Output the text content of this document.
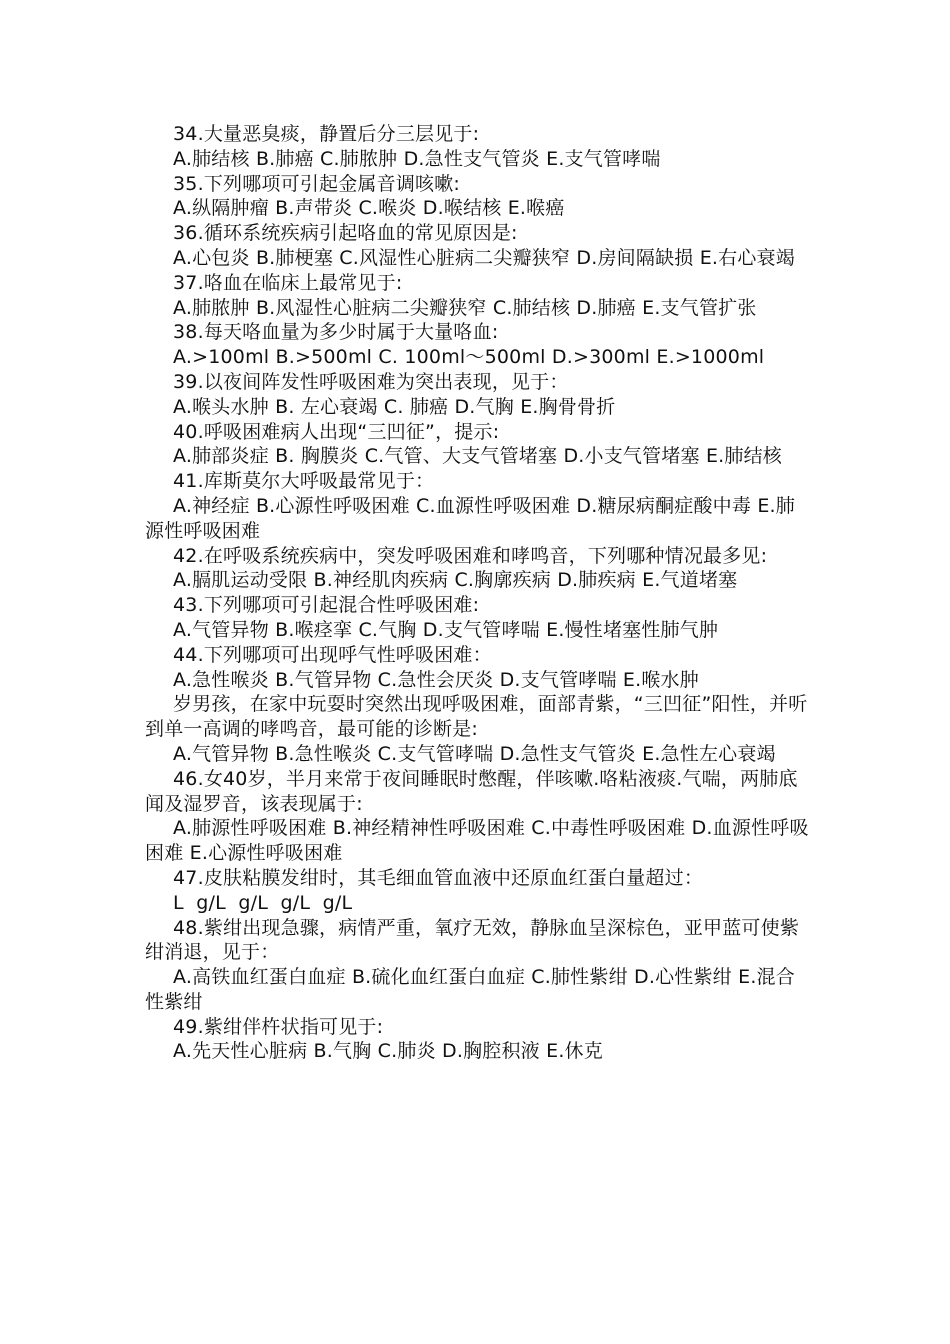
34.大量恶臭痰，静置后分三层见于:
A.肺结核 B.肺癌 C.肺脓肿 D.急性支气管炎 E.支气管哮喘
35.下列哪项可引起金属音调咳嗽:
A.纵隔肿瘤 B.声带炎 C.喉炎 D.喉结核 E.喉癌
36.循环系统疾病引起咯血的常见原因是:
A.心包炎 B.肺梗塞 C.风湿性心脏病二尖瓣狭窄 D.房间隔缺损 E.右心衰竭
37.咯血在临床上最常见于:
A.肺脓肿 B.风湿性心脏病二尖瓣狭窄 C.肺结核 D.肺癌 E.支气管扩张
38.每天咯血量为多少时属于大量咯血:
A.>100ml B.>500ml C. 100ml～500ml D.>300ml E.>1000ml
39.以夜间阵发性呼吸困难为突出表现，见于：
A.喉头水肿 B. 左心衰竭 C. 肺癌 D.气胸 E.胸骨骨折
40.呼吸困难病人出现“三凹征”，提示:
A.肺部炎症 B. 胸膜炎 C.气管、大支气管堵塞 D.小支气管堵塞 E.肺结核
41.库斯莫尔大呼吸最常见于：
A.神经症 B.心源性呼吸困难 C.血源性呼吸困难 D.糖尿病酮症酸中毒 E.肺源性呼吸困难
42.在呼吸系统疾病中，突发呼吸困难和哮鸣音，下列哪种情况最多见:
A.膈肌运动受限 B.神经肌肉疾病 C.胸廓疾病 D.肺疾病 E.气道堵塞
43.下列哪项可引起混合性呼吸困难:
A.气管异物 B.喉痉挛 C.气胸 D.支气管哮喘 E.慢性堵塞性肺气肿
44.下列哪项可出现呼气性呼吸困难：
A.急性喉炎 B.气管异物 C.急性会厌炎 D.支气管哮喘 E.喉水肿
岁男孩，在家中玩耍时突然出现呼吸困难，面部青紫，“三凹征”阳性，并听到单一高调的哮鸣音，最可能的诊断是:
A.气管异物 B.急性喉炎 C.支气管哮喘 D.急性支气管炎 E.急性左心衰竭
46.女40岁，半月来常于夜间睡眠时憋醒，伴咳嗽.咯粘液痰.气喘，两肺底闻及湿罗音，该表现属于:
A.肺源性呼吸困难 B.神经精神性呼吸困难 C.中毒性呼吸困难 D.血源性呼吸困难 E.心源性呼吸困难
47.皮肤粘膜发绀时，其毛细血管血液中还原血红蛋白量超过：
L  g/L  g/L  g/L  g/L
48.紫绀出现急骤，病情严重，氧疗无效，静脉血呈深棕色，亚甲蓝可使紫绀消退，见于：
A.高铁血红蛋白血症 B.硫化血红蛋白血症 C.肺性紫绀 D.心性紫绀 E.混合性紫绀
49.紫绀伴杵状指可见于:
A.先天性心脏病 B.气胸 C.肺炎 D.胸腔积液 E.休克
